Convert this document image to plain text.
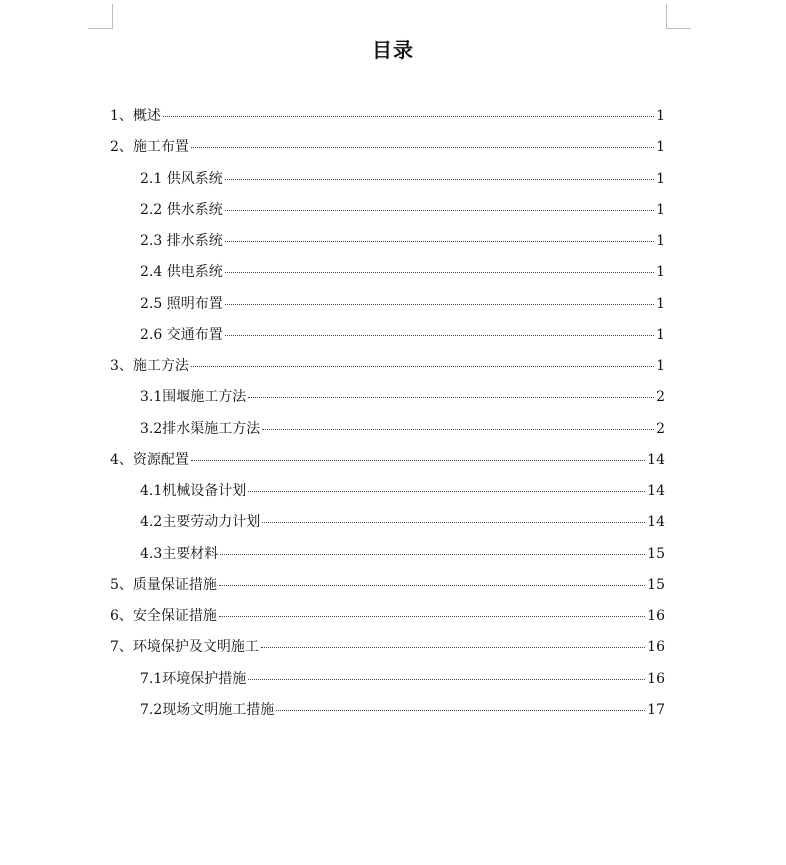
目录
1、概述	1
2、施工布置	1
2.1 供风系统	1
2.2 供水系统	1
2.3 排水系统	1
2.4 供电系统	1
2.5 照明布置	1
2.6 交通布置	1
3、施工方法	1
3.1围堰施工方法	2
3.2排水渠施工方法	2
4、资源配置	14
4.1机械设备计划	14
4.2主要劳动力计划	14
4.3主要材料	15
5、质量保证措施	15
6、安全保证措施	16
7、环境保护及文明施工	16
7.1环境保护措施	16
7.2现场文明施工措施	17
